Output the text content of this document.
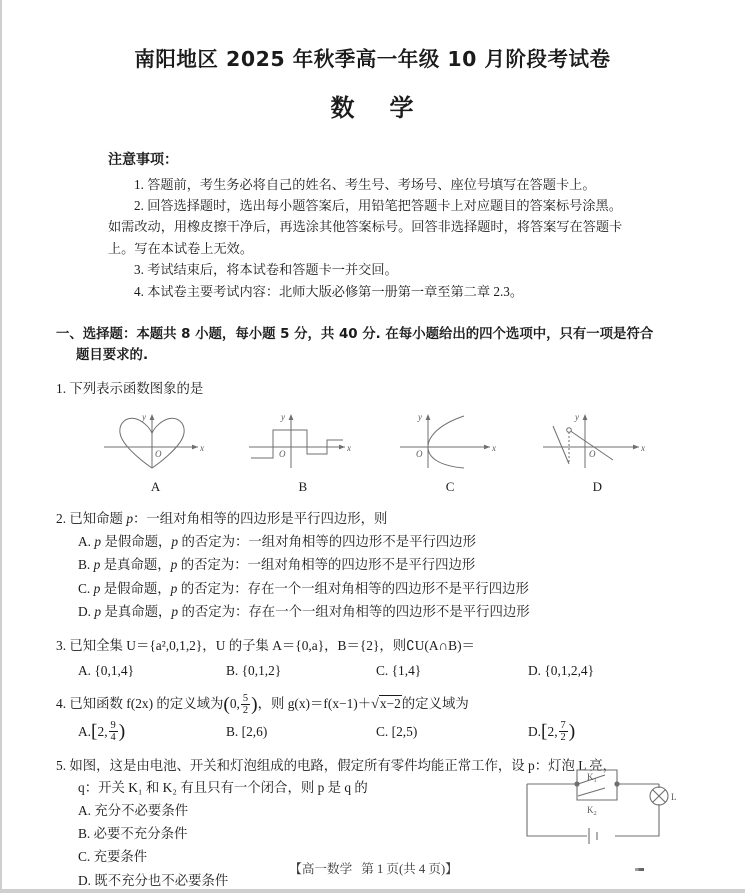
南阳地区 2025 年秋季高一年级 10 月阶段考试卷
数 学
注意事项：
1. 答题前，考生务必将自己的姓名、考生号、考场号、座位号填写在答题卡上。
2. 回答选择题时，选出每小题答案后，用铅笔把答题卡上对应题目的答案标号涂黑。如需改动，用橡皮擦干净后，再选涂其他答案标号。回答非选择题时，将答案写在答题卡上。写在本试卷上无效。
3. 考试结束后，将本试卷和答题卡一并交回。
4. 本试卷主要考试内容：北师大版必修第一册第一章至第二章 2.3。
一、选择题：本题共 8 小题，每小题 5 分，共 40 分. 在每小题给出的四个选项中，只有一项是符合
题目要求的.
1. 下列表示函数图象的是
O
x
y
A
O
x
y
B
O
x
y
C
O
x
y
D
2. 已知命题 p：一组对角相等的四边形是平行四边形，则
A. p 是假命题，p 的否定为：一组对角相等的四边形不是平行四边形
B. p 是真命题，p 的否定为：一组对角相等的四边形不是平行四边形
C. p 是假命题，p 的否定为：存在一个一组对角相等的四边形不是平行四边形
D. p 是真命题，p 的否定为：存在一个一组对角相等的四边形不是平行四边形
3. 已知全集 U＝{a²,0,1,2}，U 的子集 A＝{0,a}，B＝{2}，则∁U(A∩B)＝
A. {0,1,4}	B. {0,1,2}	C. {1,4}	D. {0,1,2,4}
4. 已知函数 f(2x) 的定义域为(0, $\frac{5}{2}$ )，则 g(x)＝f(x−1)＋√x−2的定义域为
A.[2, $\frac{9}{4}$ )	B. [2,6)	C. [2,5)	D.[2, $\frac{7}{2}$ )
5. 如图，这是由电池、开关和灯泡组成的电路，假定所有零件均能正常工作，设 p：灯泡 L 亮，
q：开关 K₁ 和 K₂ 有且只有一个闭合，则 p 是 q 的
A. 充分不必要条件
B. 必要不充分条件
C. 充要条件
D. 既不充分也不必要条件
$K_1$
$K_2$
L
【高一数学 第 1 页(共 4 页)】
